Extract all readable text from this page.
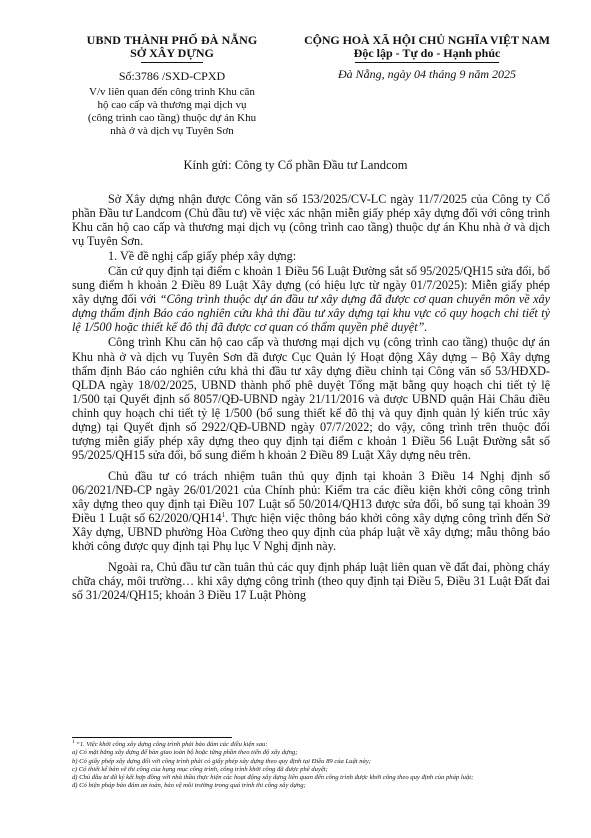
UBND THÀNH PHỐ ĐÀ NẴNG
SỞ XÂY DỰNG
Số:3786 /SXD-CPXD
V/v liên quan đến công trình Khu căn hộ cao cấp và thương mại dịch vụ (công trình cao tầng) thuộc dự án Khu nhà ở và dịch vụ Tuyên Sơn
CỘNG HOÀ XÃ HỘI CHỦ NGHĨA VIỆT NAM
Độc lập - Tự do - Hạnh phúc
Đà Nẵng, ngày 04 tháng 9 năm 2025
Kính gửi: Công ty Cổ phần Đầu tư Landcom

Sở Xây dựng nhận được Công văn số 153/2025/CV-LC ngày 11/7/2025 của Công ty Cổ phần Đầu tư Landcom (Chủ đầu tư) về việc xác nhận miễn giấy phép xây dựng đối với công trình Khu căn hộ cao cấp và thương mại dịch vụ (công trình cao tầng) thuộc dự án Khu nhà ở và dịch vụ Tuyên Sơn.

1. Về đề nghị cấp giấy phép xây dựng:

Căn cứ quy định tại điểm c khoản 1 Điều 56 Luật Đường sắt số 95/2025/QH15 sửa đổi, bổ sung điểm h khoản 2 Điều 89 Luật Xây dựng (có hiệu lực từ ngày 01/7/2025): Miễn giấy phép xây dựng đối với “Công trình thuộc dự án đầu tư xây dựng đã được cơ quan chuyên môn về xây dựng thẩm định Báo cáo nghiên cứu khả thi đầu tư xây dựng tại khu vực có quy hoạch chi tiết tỷ lệ 1/500 hoặc thiết kế đô thị đã được cơ quan có thẩm quyền phê duyệt”.

Công trình Khu căn hộ cao cấp và thương mại dịch vụ (công trình cao tầng) thuộc dự án Khu nhà ở và dịch vụ Tuyên Sơn đã được Cục Quản lý Hoạt động Xây dựng – Bộ Xây dựng thẩm định Báo cáo nghiên cứu khả thi đầu tư xây dựng điều chỉnh tại Công văn số 53/HĐXD-QLDA ngày 18/02/2025, UBND thành phố phê duyệt Tổng mặt bằng quy hoạch chi tiết tỷ lệ 1/500 tại Quyết định số 8057/QĐ-UBND ngày 21/11/2016 và được UBND quận Hải Châu điều chỉnh quy hoạch chi tiết tỷ lệ 1/500 (bổ sung thiết kế đô thị và quy định quản lý kiến trúc xây dựng) tại Quyết định số 2922/QĐ-UBND ngày 07/7/2022; do vậy, công trình trên thuộc đối tượng miễn giấy phép xây dựng theo quy định tại điểm c khoản 1 Điều 56 Luật Đường sắt số 95/2025/QH15 sửa đổi, bổ sung điểm h khoản 2 Điều 89 Luật Xây dựng nêu trên.

Chủ đầu tư có trách nhiệm tuân thủ quy định tại khoản 3 Điều 14 Nghị định số 06/2021/NĐ-CP ngày 26/01/2021 của Chính phủ: Kiểm tra các điều kiện khởi công công trình xây dựng theo quy định tại Điều 107 Luật số 50/2014/QH13 được sửa đổi, bổ sung tại khoản 39 Điều 1 Luật số $62/2020/QH14^1$. Thực hiện việc thông báo khởi công xây dựng công trình đến Sở Xây dựng, UBND phường Hòa Cường theo quy định của pháp luật về xây dựng; mẫu thông báo khởi công được quy định tại Phụ lục V Nghị định này.

Ngoài ra, Chủ đầu tư cần tuân thủ các quy định pháp luật liên quan về đất đai, phòng cháy chữa cháy, môi trường… khi xây dựng công trình (theo quy định tại Điều 5, Điều 31 Luật Đất đai số 31/2024/QH15; khoản 3 Điều 17 Luật Phòng

$^1$ “1. Việc khởi công xây dựng công trình phải bảo đảm các điều kiện sau:
a) Có mặt bằng xây dựng để bàn giao toàn bộ hoặc từng phần theo tiến độ xây dựng;
b) Có giấy phép xây dựng đối với công trình phải có giấy phép xây dựng theo quy định tại Điều 89 của Luật này;
c) Có thiết kế bản vẽ thi công của hạng mục công trình, công trình khởi công đã được phê duyệt;
d) Chủ đầu tư đã ký kết hợp đồng với nhà thầu thực hiện các hoạt động xây dựng liên quan đến công trình được khởi công theo quy định của pháp luật;
đ) Có biện pháp bảo đảm an toàn, bảo vệ môi trường trong quá trình thi công xây dựng;
